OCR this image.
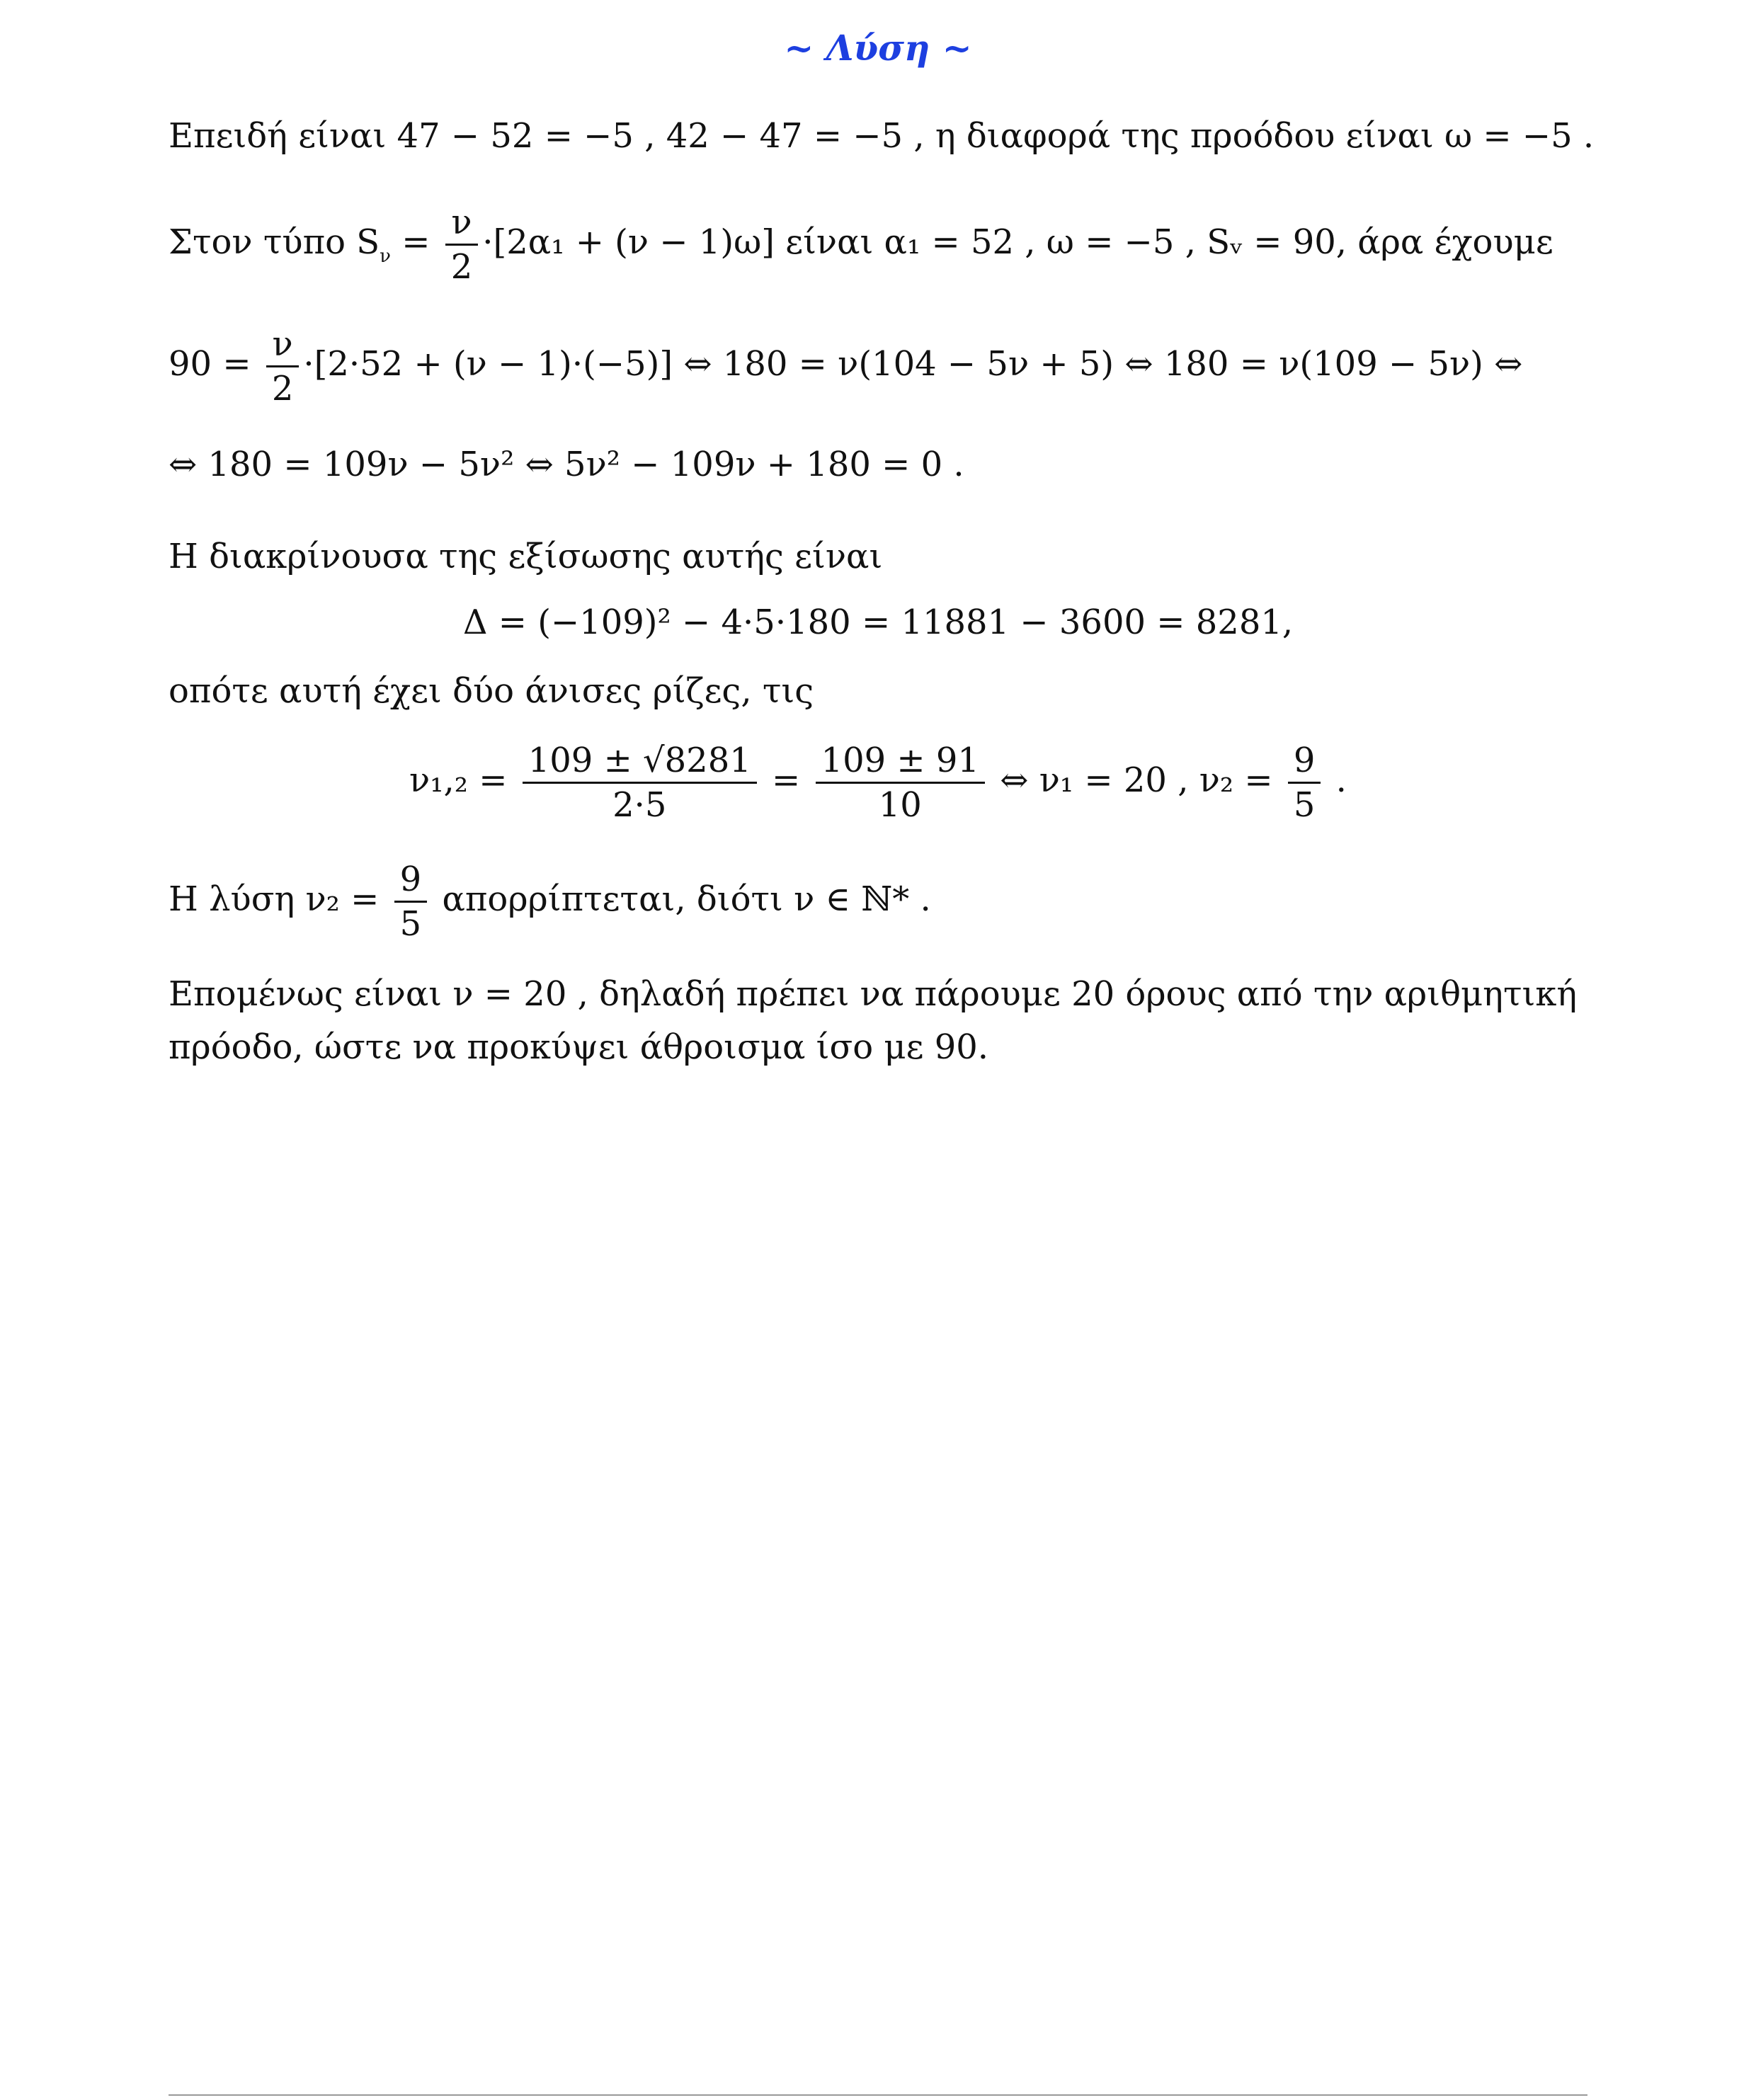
~ Λύση ~
Επειδή είναι 47 − 52 = −5 , 42 − 47 = −5 , η διαφορά της προόδου είναι ω = −5 .
Στον τύπο $S_\nu = \frac{\nu}{2} \cdot[2\alpha_1 + (\nu - 1)\omega]$ είναι α₁ = 52 , ω = −5 , Sᵥ = 90, άρα έχουμε
$90 = \frac{\nu}{2} \cdot[2\cdot 52 + (\nu - 1)\cdot(-5)]$ ⇔ 180 = ν(104 − 5ν + 5) ⇔ 180 = ν(109 − 5ν) ⇔
⇔ 180 = 109ν − 5ν² ⇔ 5ν² − 109ν + 180 = 0 .
Η διακρίνουσα της εξίσωσης αυτής είναι
Δ = (−109)² − 4·5·180 = 11881 − 3600 = 8281,
οπότε αυτή έχει δύο άνισες ρίζες, τις
$\nu_1,_2 = \frac{109 \pm √8281}{2\cdot 5} = \frac{109 \pm 91}{10}$ ⇔ ν₁ = 20 , $\nu_2 = \frac{9}{5}$ .
Η λύση $\nu_2 = \frac{9}{5} \alpha\pi o\rho\rho ί\pi\tau\varepsilon\tau\alpha\iota$, διότι ν ∈ ℕ* .
Επομένως είναι ν = 20 , δηλαδή πρέπει να πάρουμε 20 όρους από την αριθμητική
πρόοδο, ώστε να προκύψει άθροισμα ίσο με 90.
